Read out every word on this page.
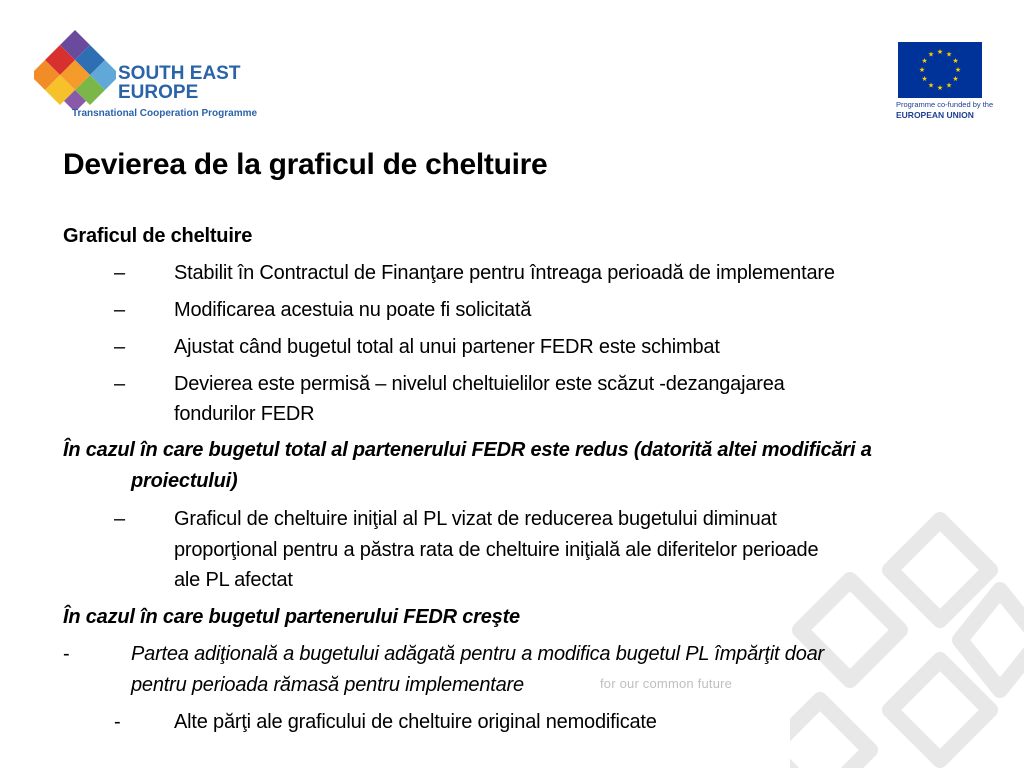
for our common future
SOUTH EAST
EUROPE
Transnational Cooperation Programme
★ ★
★
★
★
★
★
★
★
★
★
★
Programme co-funded by the
EUROPEAN UNION
Devierea de la graficul de cheltuire
Graficul de cheltuire
– Stabilit în Contractul de Finanţare pentru întreaga perioadă de implementare
– Modificarea acestuia nu poate fi solicitată
– Ajustat când bugetul total al unui partener FEDR este schimbat
– Devierea este permisă – nivelul cheltuielilor este scăzut -dezangajarea
fondurilor FEDR
În cazul în care bugetul total al partenerului FEDR este redus (datorită altei modificări a
proiectului)
– Graficul de cheltuire iniţial al PL vizat de reducerea bugetului diminuat
proporţional pentru a păstra rata de cheltuire iniţială ale diferitelor perioade
ale PL afectat
În cazul în care bugetul partenerului FEDR creşte
-	Partea adiţională a bugetului adăgată pentru a modifica bugetul PL împărţit doar
pentru perioada rămasă pentru implementare
-	Alte părţi ale graficului de cheltuire original nemodificate
